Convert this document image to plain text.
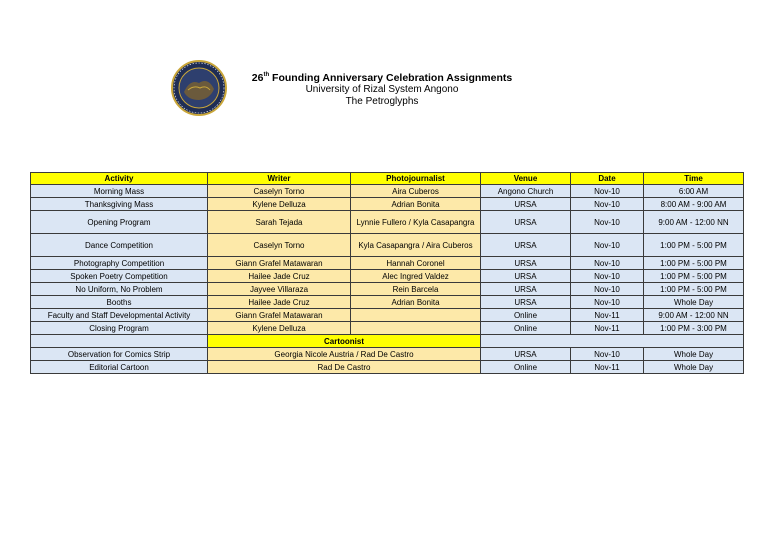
26th Founding Anniversary Celebration Assignments
University of Rizal System Angono
The Petroglyphs
Activity	Writer	Photojournalist	Venue	Date	Time
Morning Mass	Caselyn Torno	Aira Cuberos	Angono Church	Nov-10	6:00 AM
Thanksgiving Mass	Kylene Delluza	Adrian Bonita	URSA	Nov-10	8:00 AM - 9:00 AM
Opening Program	Sarah Tejada	Lynnie Fullero / Kyla Casapangra	URSA	Nov-10	9:00 AM - 12:00 NN
Dance Competition	Caselyn Torno	Kyla Casapangra / Aira Cuberos	URSA	Nov-10	1:00 PM - 5:00 PM
Photography Competition	Giann Grafel Matawaran	Hannah Coronel	URSA	Nov-10	1:00 PM - 5:00 PM
Spoken Poetry Competition	Hailee Jade Cruz	Alec Ingred Valdez	URSA	Nov-10	1:00 PM - 5:00 PM
No Uniform, No Problem	Jayvee Villaraza	Rein Barcela	URSA	Nov-10	1:00 PM - 5:00 PM
Booths	Hailee Jade Cruz	Adrian Bonita	URSA	Nov-10	Whole Day
Faculty and Staff Developmental Activity	Giann Grafel Matawaran		Online	Nov-11	9:00 AM - 12:00 NN
Closing Program	Kylene Delluza		Online	Nov-11	1:00 PM - 3:00 PM
	Cartoonist				
Observation for Comics Strip	Georgia Nicole Austria / Rad De Castro		URSA	Nov-10	Whole Day
Editorial Cartoon	Rad De Castro		Online	Nov-11	Whole Day
